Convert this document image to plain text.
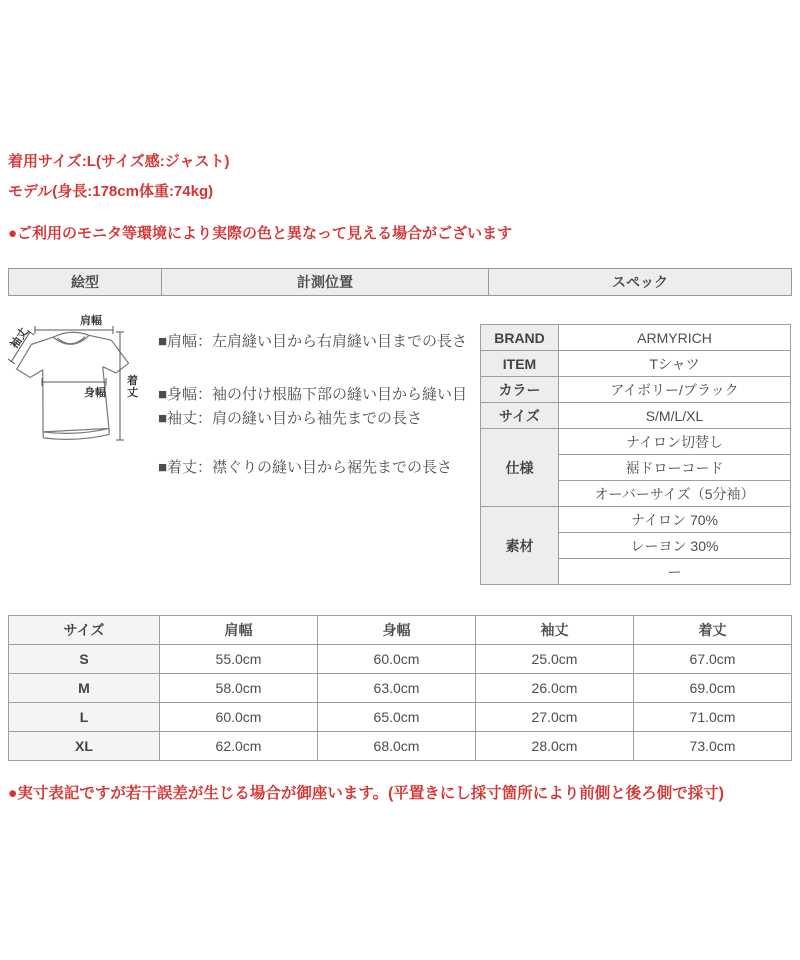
着用サイズ:L(サイズ感:ジャスト)
モデル(身長:178cm体重:74kg)
●ご利用のモニタ等環境により実際の色と異なって見える場合がございます
●実寸表記ですが若干誤差が生じる場合が御座います。(平置きにし採寸箇所により前側と後ろ側で採寸)
絵型	計測位置	スペック
肩幅
袖丈
身幅
着
丈
■肩幅：左肩縫い目から右肩縫い目までの長さ
■身幅：袖の付け根脇下部の縫い目から縫い目
■袖丈：肩の縫い目から袖先までの長さ
■着丈：襟ぐりの縫い目から裾先までの長さ
BRAND	ARMYRICH
ITEM	Tシャツ
カラー	アイボリー/ブラック
サイズ	S/M/L/XL
仕様	ナイロン切替し
	裾ドローコード
	オーバーサイズ（5分袖）
素材	ナイロン 70%
	レーヨン 30%
	ー
サイズ	肩幅	身幅	袖丈	着丈
S	55.0cm	60.0cm	25.0cm	67.0cm
M	58.0cm	63.0cm	26.0cm	69.0cm
L	60.0cm	65.0cm	27.0cm	71.0cm
XL	62.0cm	68.0cm	28.0cm	73.0cm
